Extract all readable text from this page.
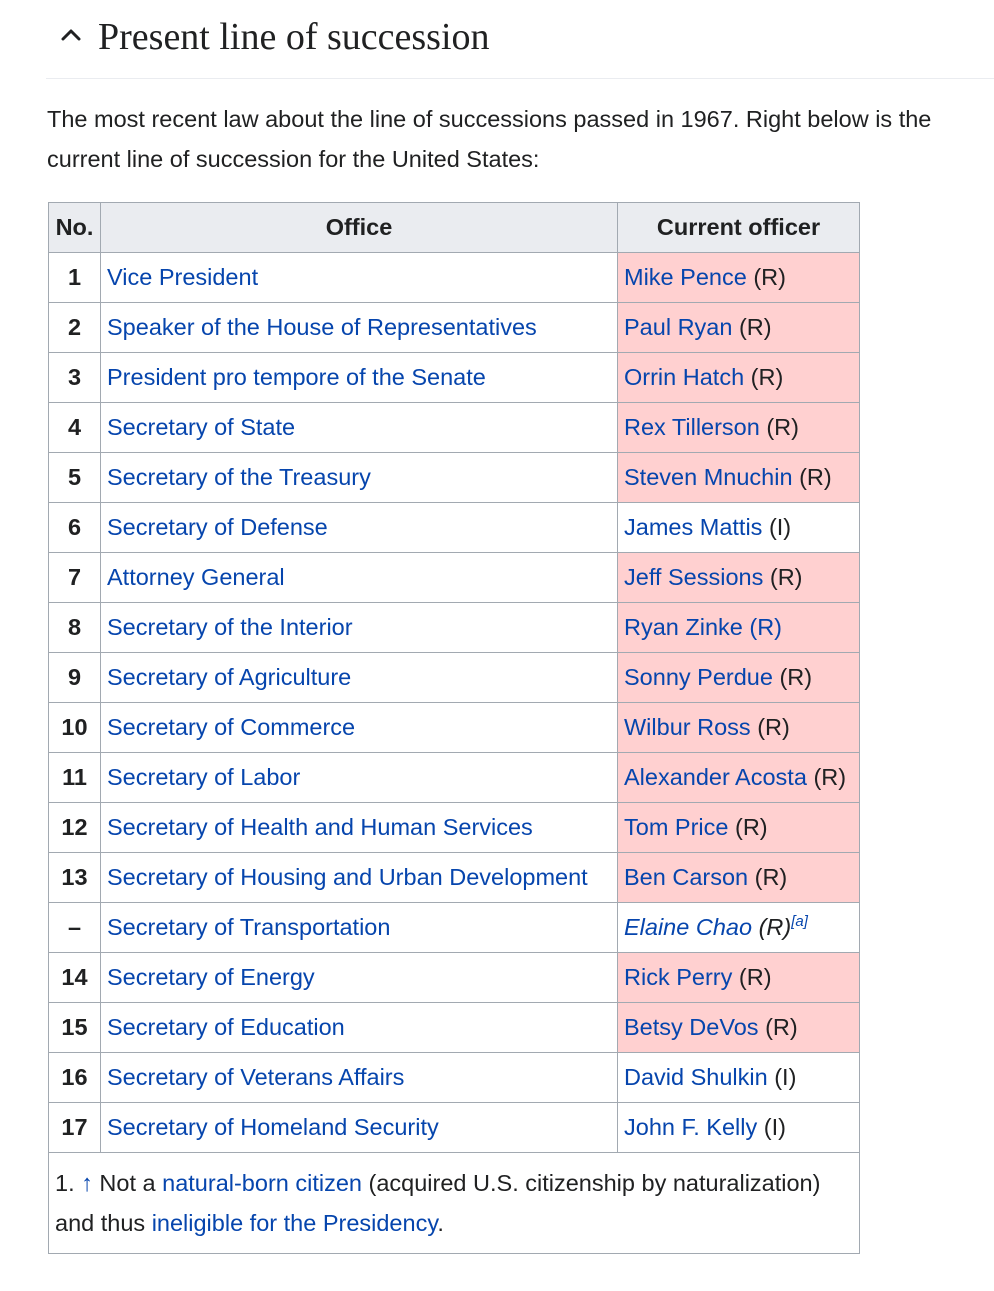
Present line of succession
The most recent law about the line of successions passed in 1967. Right below is the current line of succession for the United States:
No.	Office	Current officer
1	Vice President	Mike Pence (R)
2	Speaker of the House of Representatives	Paul Ryan (R)
3	President pro tempore of the Senate	Orrin Hatch (R)
4	Secretary of State	Rex Tillerson (R)
5	Secretary of the Treasury	Steven Mnuchin (R)
6	Secretary of Defense	James Mattis (I)
7	Attorney General	Jeff Sessions (R)
8	Secretary of the Interior	Ryan Zinke (R)
9	Secretary of Agriculture	Sonny Perdue (R)
10	Secretary of Commerce	Wilbur Ross (R)
11	Secretary of Labor	Alexander Acosta (R)
12	Secretary of Health and Human Services	Tom Price (R)
13	Secretary of Housing and Urban Development	Ben Carson (R)
–	Secretary of Transportation	Elaine Chao (R)[a]
14	Secretary of Energy	Rick Perry (R)
15	Secretary of Education	Betsy DeVos (R)
16	Secretary of Veterans Affairs	David Shulkin (I)
17	Secretary of Homeland Security	John F. Kelly (I)
1. ↑ Not a natural-born citizen (acquired U.S. citizenship by naturalization) and thus ineligible for the Presidency.		
